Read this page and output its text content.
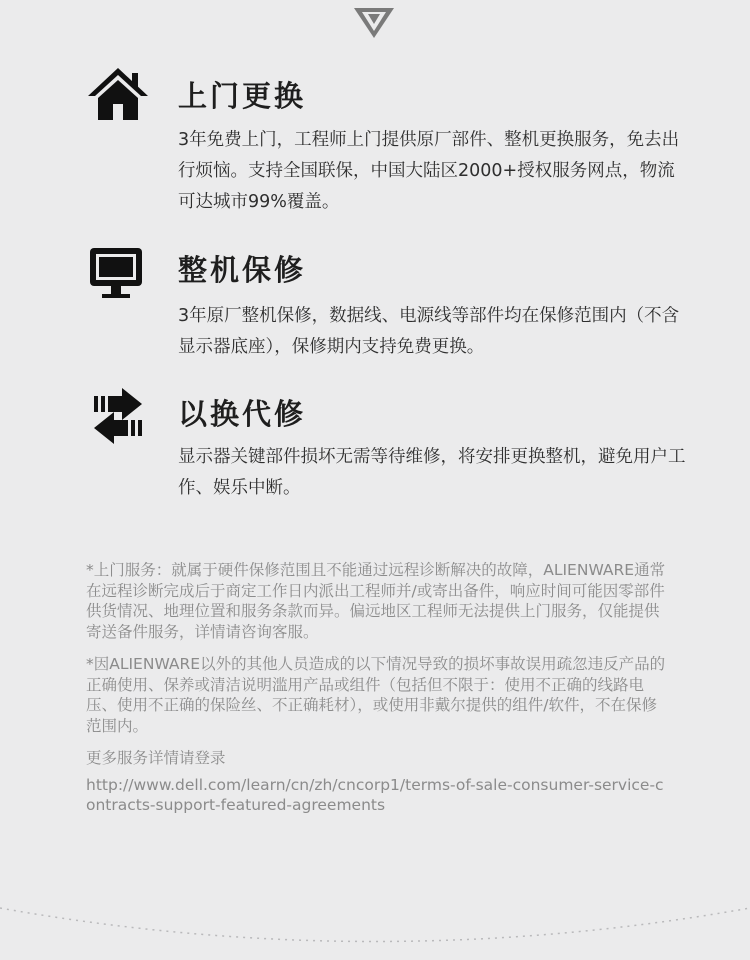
上门更换
3年免费上门，工程师上门提供原厂部件、整机更换服务，免去出行烦恼。支持全国联保，中国大陆区2000+授权服务网点，物流可达城市99%覆盖。
整机保修
3年原厂整机保修，数据线、电源线等部件均在保修范围内（不含显示器底座），保修期内支持免费更换。
以换代修
显示器关键部件损坏无需等待维修，将安排更换整机，避免用户工作、娱乐中断。

*上门服务：就属于硬件保修范围且不能通过远程诊断解决的故障，ALIENWARE通常在远程诊断完成后于商定工作日内派出工程师并/或寄出备件，响应时间可能因零部件供货情况、地理位置和服务条款而异。偏远地区工程师无法提供上门服务，仅能提供寄送备件服务，详情请咨询客服。

*因ALIENWARE以外的其他人员造成的以下情况导致的损坏事故误用疏忽违反产品的正确使用、保养或清洁说明滥用产品或组件（包括但不限于：使用不正确的线路电压、使用不正确的保险丝、不正确耗材），或使用非戴尔提供的组件/软件，不在保修范围内。

更多服务详情请登录

http://www.dell.com/learn/cn/zh/cncorp1/terms-of-sale-consumer-service-contracts-support-featured-agreements
